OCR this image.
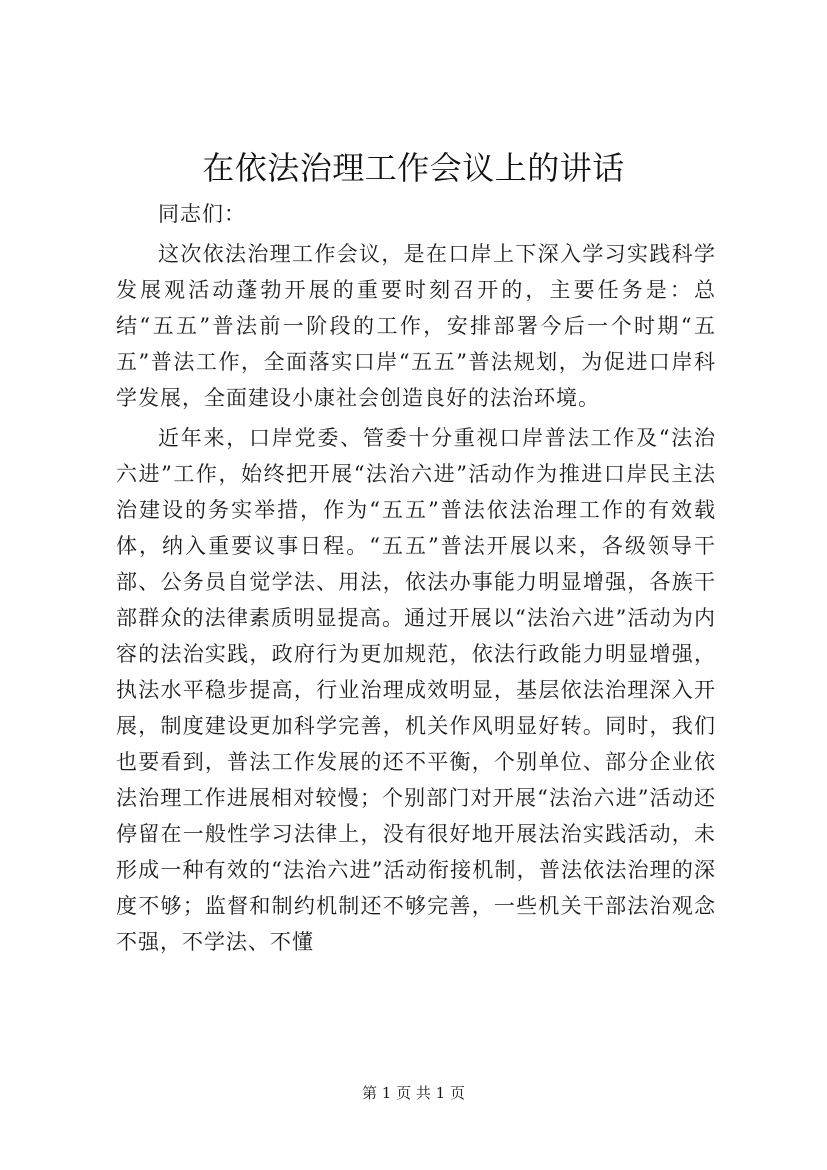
在依法治理工作会议上的讲话

同志们：

这次依法治理工作会议，是在口岸上下深入学习实践科学发展观活动蓬勃开展的重要时刻召开的，主要任务是：总结“五五”普法前一阶段的工作，安排部署今后一个时期“五五”普法工作，全面落实口岸“五五”普法规划，为促进口岸科学发展，全面建设小康社会创造良好的法治环境。

近年来，口岸党委、管委十分重视口岸普法工作及“法治六进”工作，始终把开展“法治六进”活动作为推进口岸民主法治建设的务实举措，作为“五五”普法依法治理工作的有效载体，纳入重要议事日程。“五五”普法开展以来，各级领导干部、公务员自觉学法、用法，依法办事能力明显增强，各族干部群众的法律素质明显提高。通过开展以“法治六进”活动为内容的法治实践，政府行为更加规范，依法行政能力明显增强，执法水平稳步提高，行业治理成效明显，基层依法治理深入开展，制度建设更加科学完善，机关作风明显好转。同时，我们也要看到，普法工作发展的还不平衡，个别单位、部分企业依法治理工作进展相对较慢；个别部门对开展“法治六进”活动还停留在一般性学习法律上，没有很好地开展法治实践活动，未形成一种有效的“法治六进”活动衔接机制，普法依法治理的深度不够；监督和制约机制还不够完善，一些机关干部法治观念不强，不学法、不懂

第 1 页 共 1 页
